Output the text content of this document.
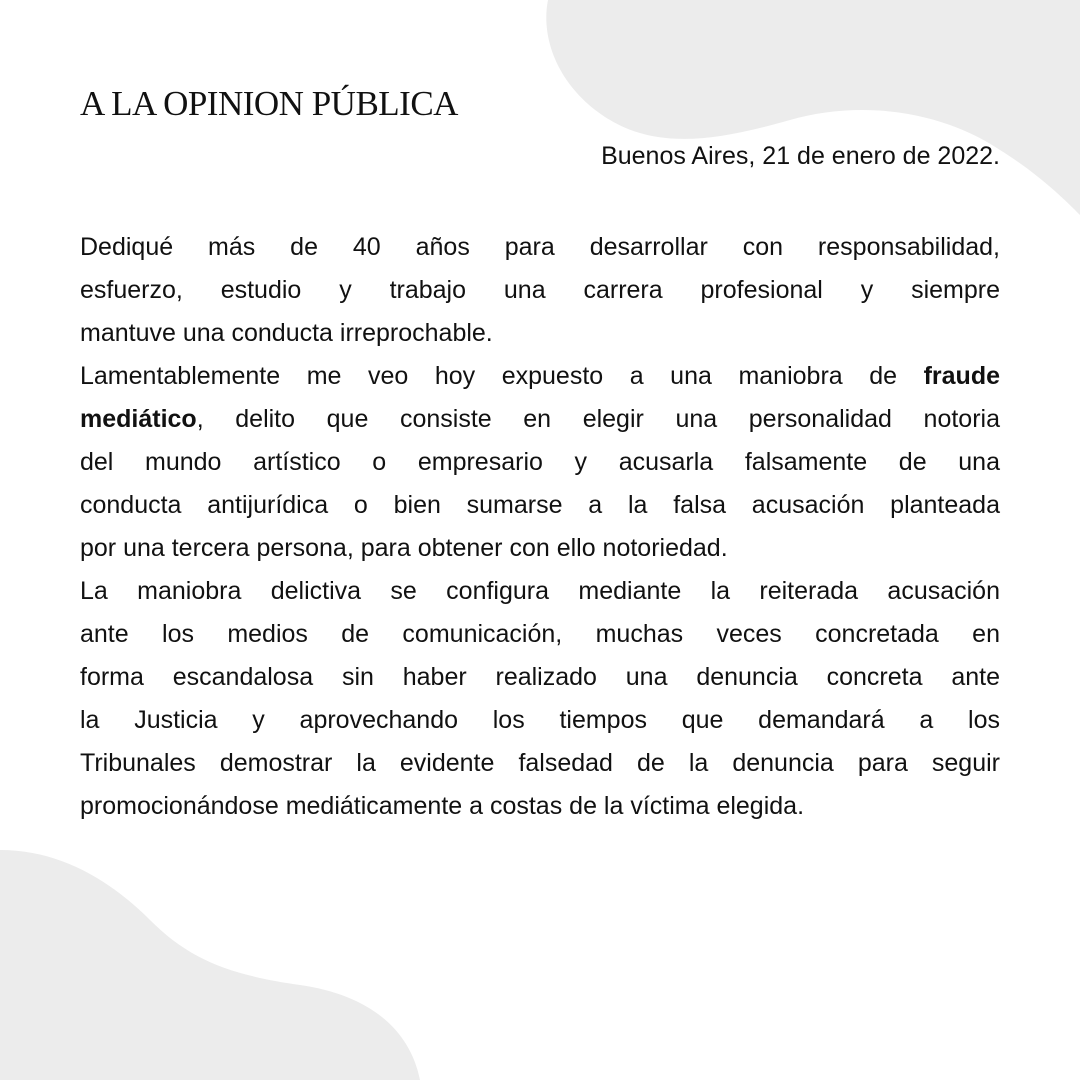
A LA OPINION PÚBLICA
Buenos Aires, 21 de enero de 2022.
Dediqué más de 40 años para desarrollar con responsabilidad,
esfuerzo, estudio y trabajo una carrera profesional y siempre
mantuve una conducta irreprochable.
Lamentablemente me veo hoy expuesto a una maniobra de fraude
mediático, delito que consiste en elegir una personalidad notoria
del mundo artístico o empresario y acusarla falsamente de una
conducta antijurídica o bien sumarse a la falsa acusación planteada
por una tercera persona, para obtener con ello notoriedad.
La maniobra delictiva se configura mediante la reiterada acusación
ante los medios de comunicación, muchas veces concretada en
forma escandalosa sin haber realizado una denuncia concreta ante
la Justicia y aprovechando los tiempos que demandará a los
Tribunales demostrar la evidente falsedad de la denuncia para seguir
promocionándose mediáticamente a costas de la víctima elegida.
